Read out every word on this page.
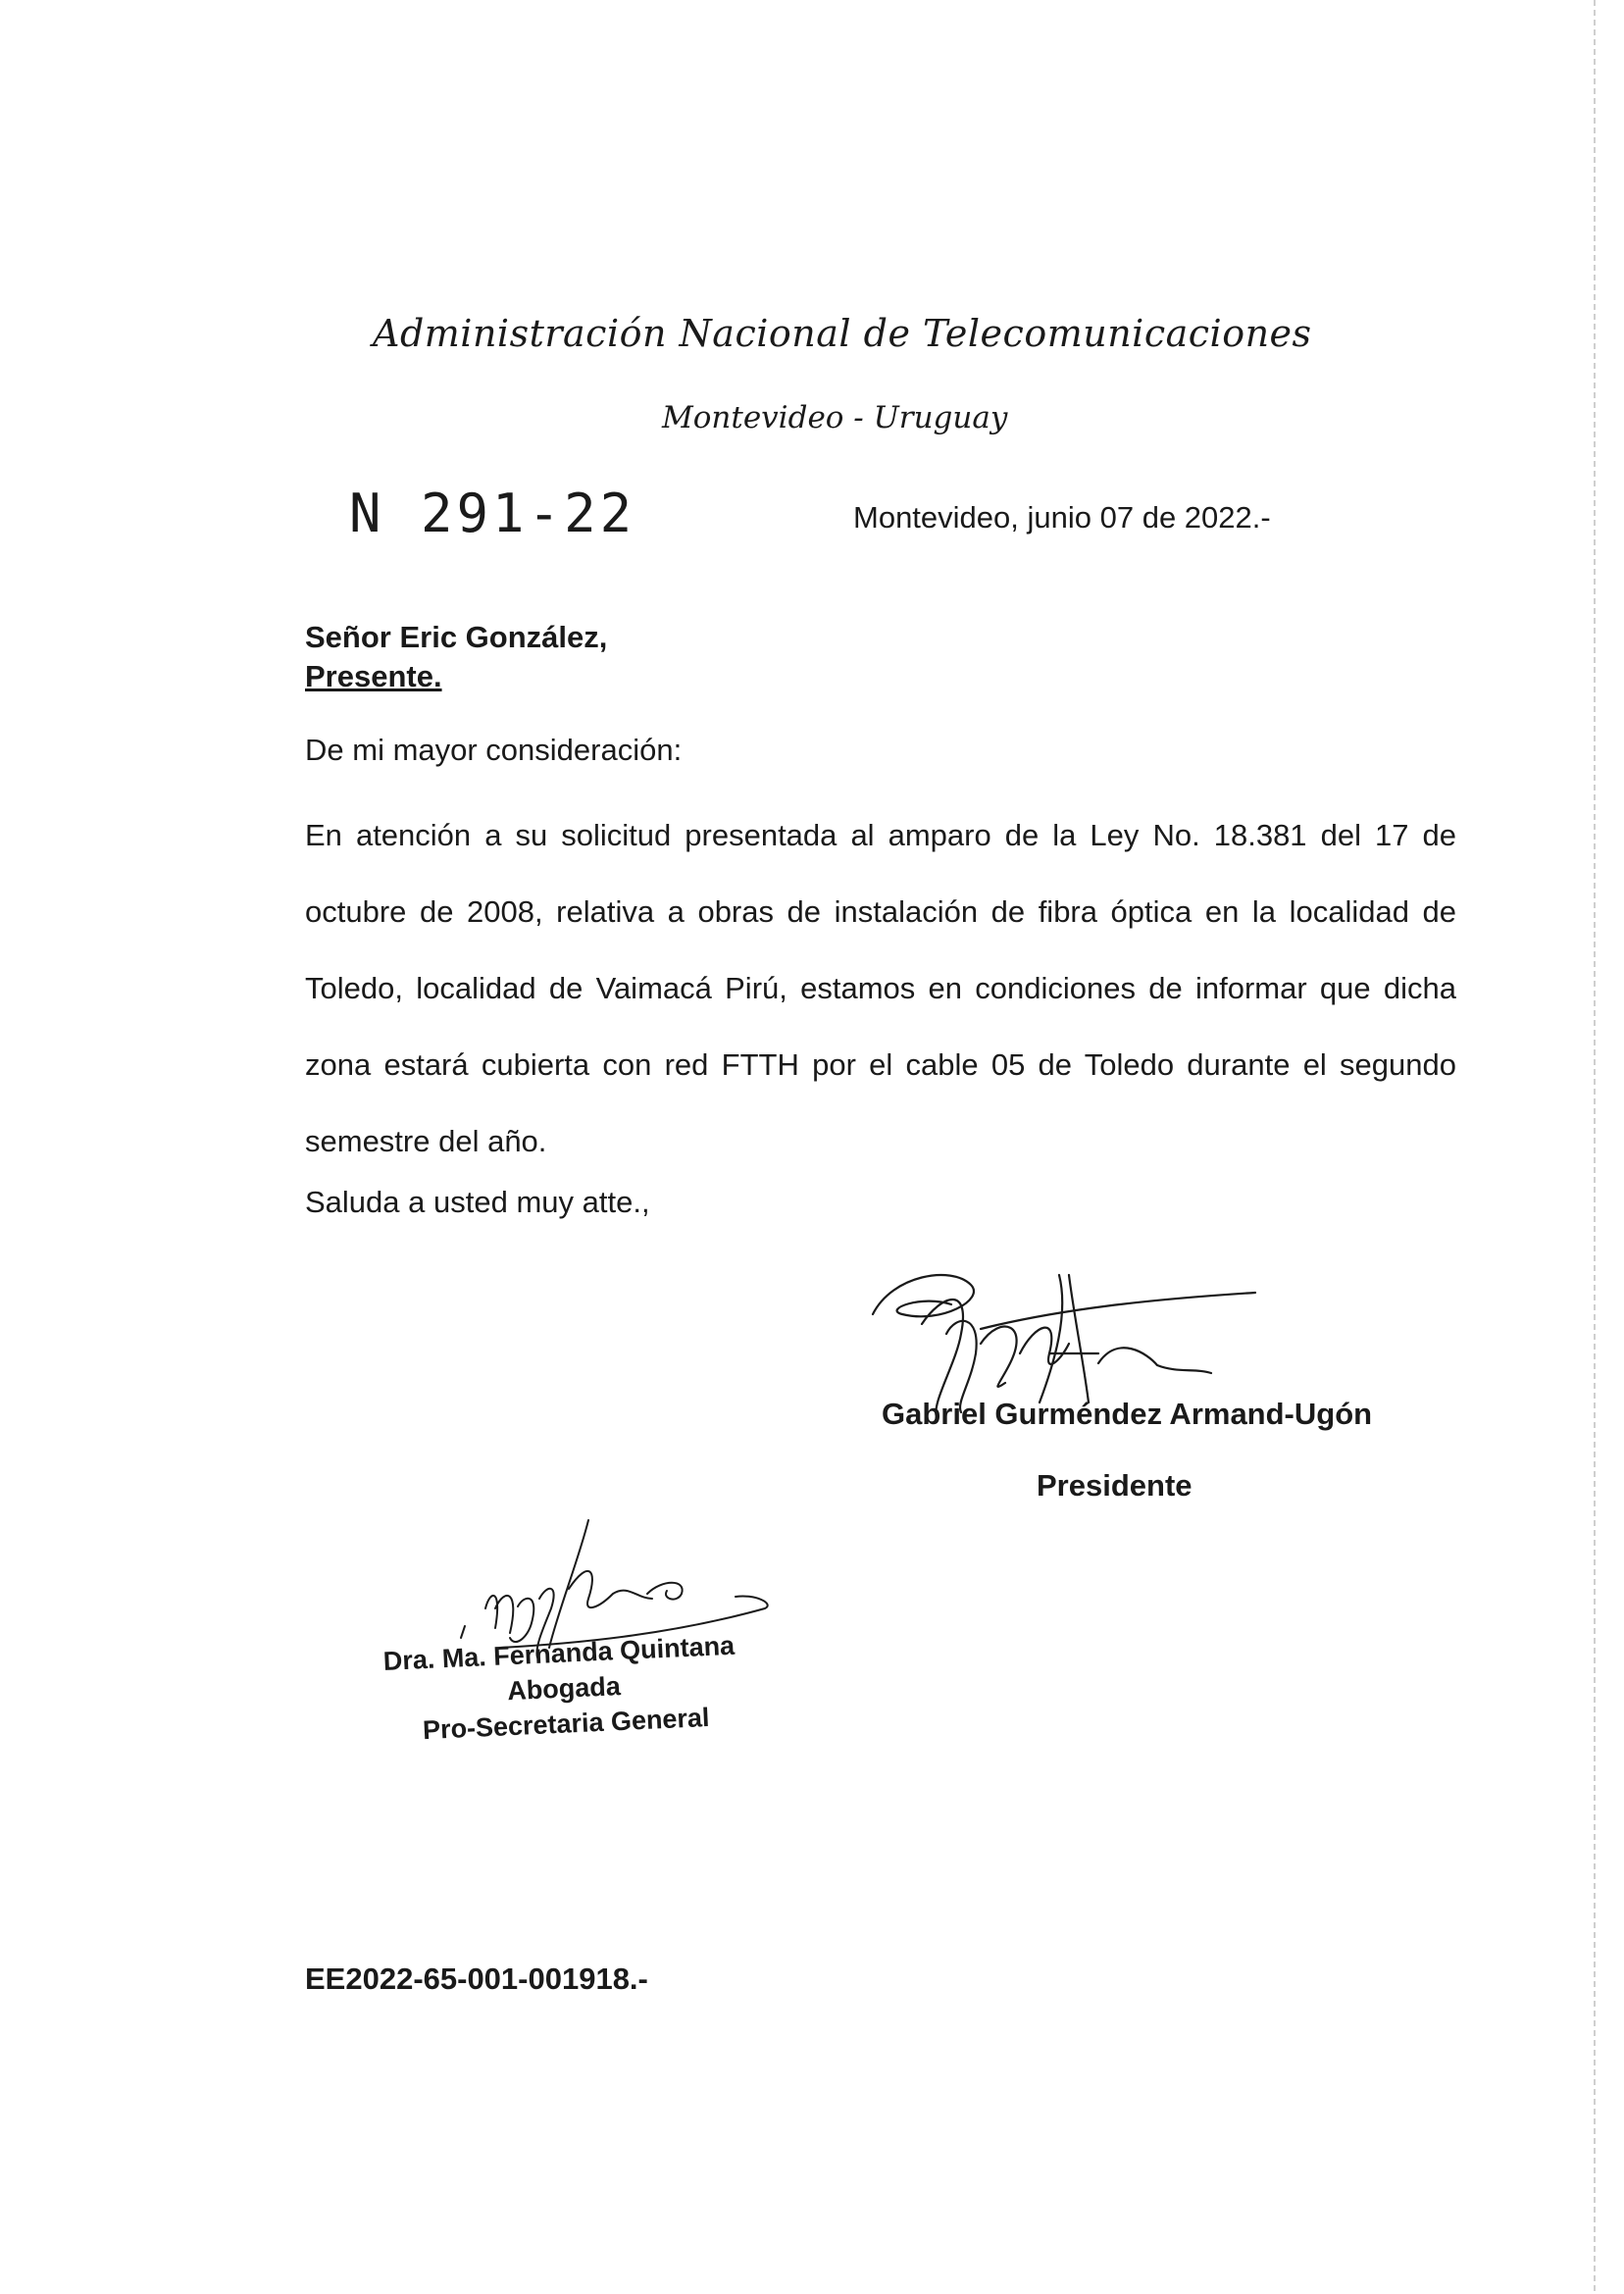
Administración Nacional de Telecomunicaciones
Montevideo - Uruguay
N 291-22	Montevideo, junio 07 de 2022.-
Señor Eric González,
Presente.
De mi mayor consideración:
En atención a su solicitud presentada al amparo de la Ley No. 18.381 del 17 de octubre de 2008, relativa a obras de instalación de fibra óptica en la localidad de Toledo, localidad de Vaimacá Pirú, estamos en condiciones de informar que dicha zona estará cubierta con red FTTH por el cable 05 de Toledo durante el segundo semestre del año.
Saluda a usted muy atte.,
Gabriel Gurméndez Armand-Ugón
Presidente
Dra. Ma. Fernanda Quintana
Abogada
Pro-Secretaria General
EE2022-65-001-001918.-
